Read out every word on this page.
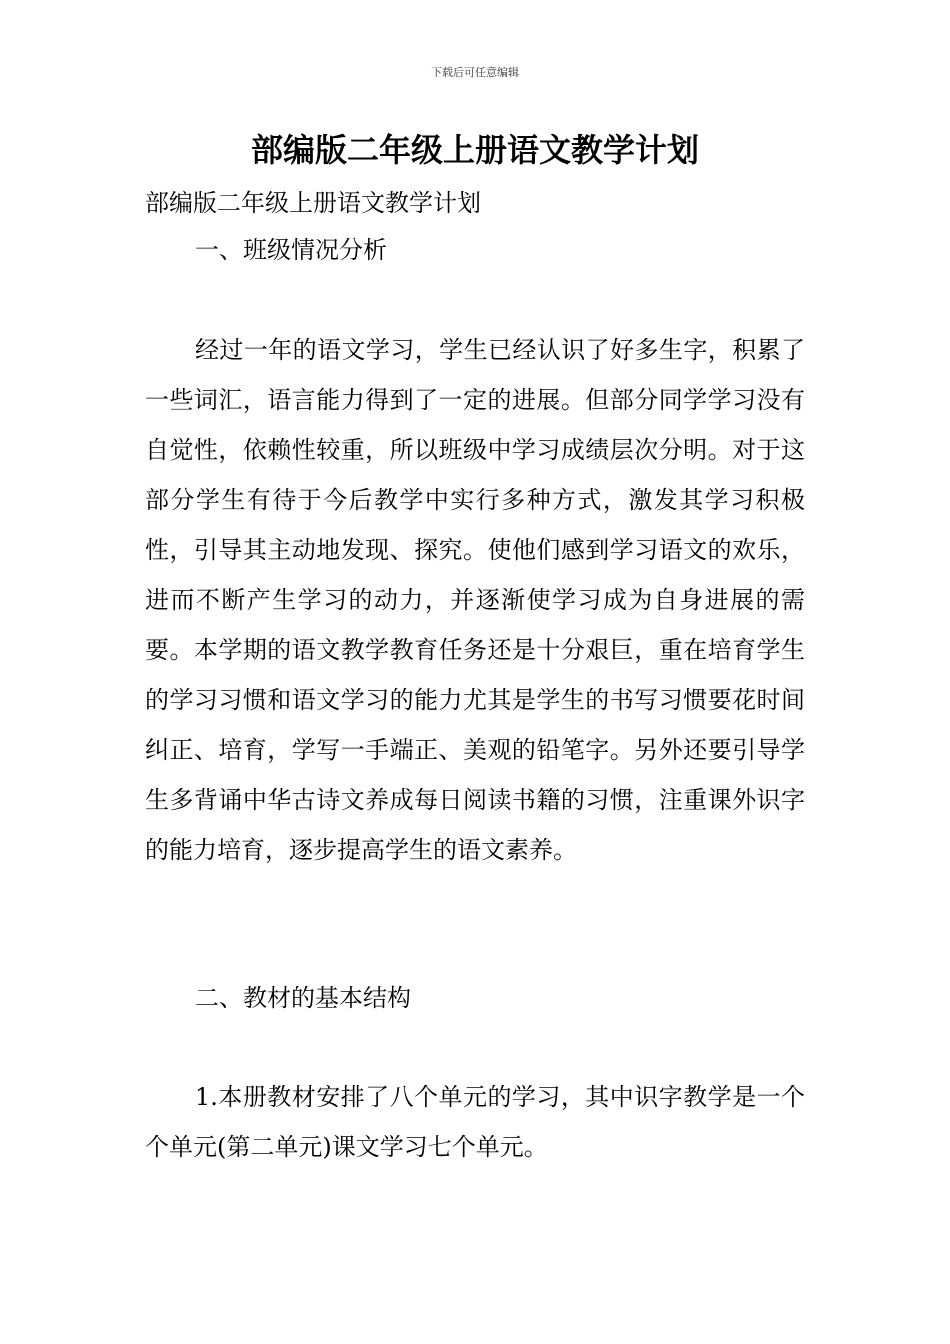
下载后可任意编辑
部编版二年级上册语文教学计划

部编版二年级上册语文教学计划

一、班级情况分析

经过一年的语文学习，学生已经认识了好多生字，积累了一些词汇，语言能力得到了一定的进展。但部分同学学习没有自觉性，依赖性较重，所以班级中学习成绩层次分明。对于这部分学生有待于今后教学中实行多种方式，激发其学习积极性，引导其主动地发现、探究。使他们感到学习语文的欢乐，进而不断产生学习的动力，并逐渐使学习成为自身进展的需要。本学期的语文教学教育任务还是十分艰巨，重在培育学生的学习习惯和语文学习的能力尤其是学生的书写习惯要花时间纠正、培育，学写一手端正、美观的铅笔字。另外还要引导学生多背诵中华古诗文养成每日阅读书籍的习惯，注重课外识字的能力培育，逐步提高学生的语文素养。

二、教材的基本结构

1.本册教材安排了八个单元的学习，其中识字教学是一个个单元(第二单元)课文学习七个单元。
